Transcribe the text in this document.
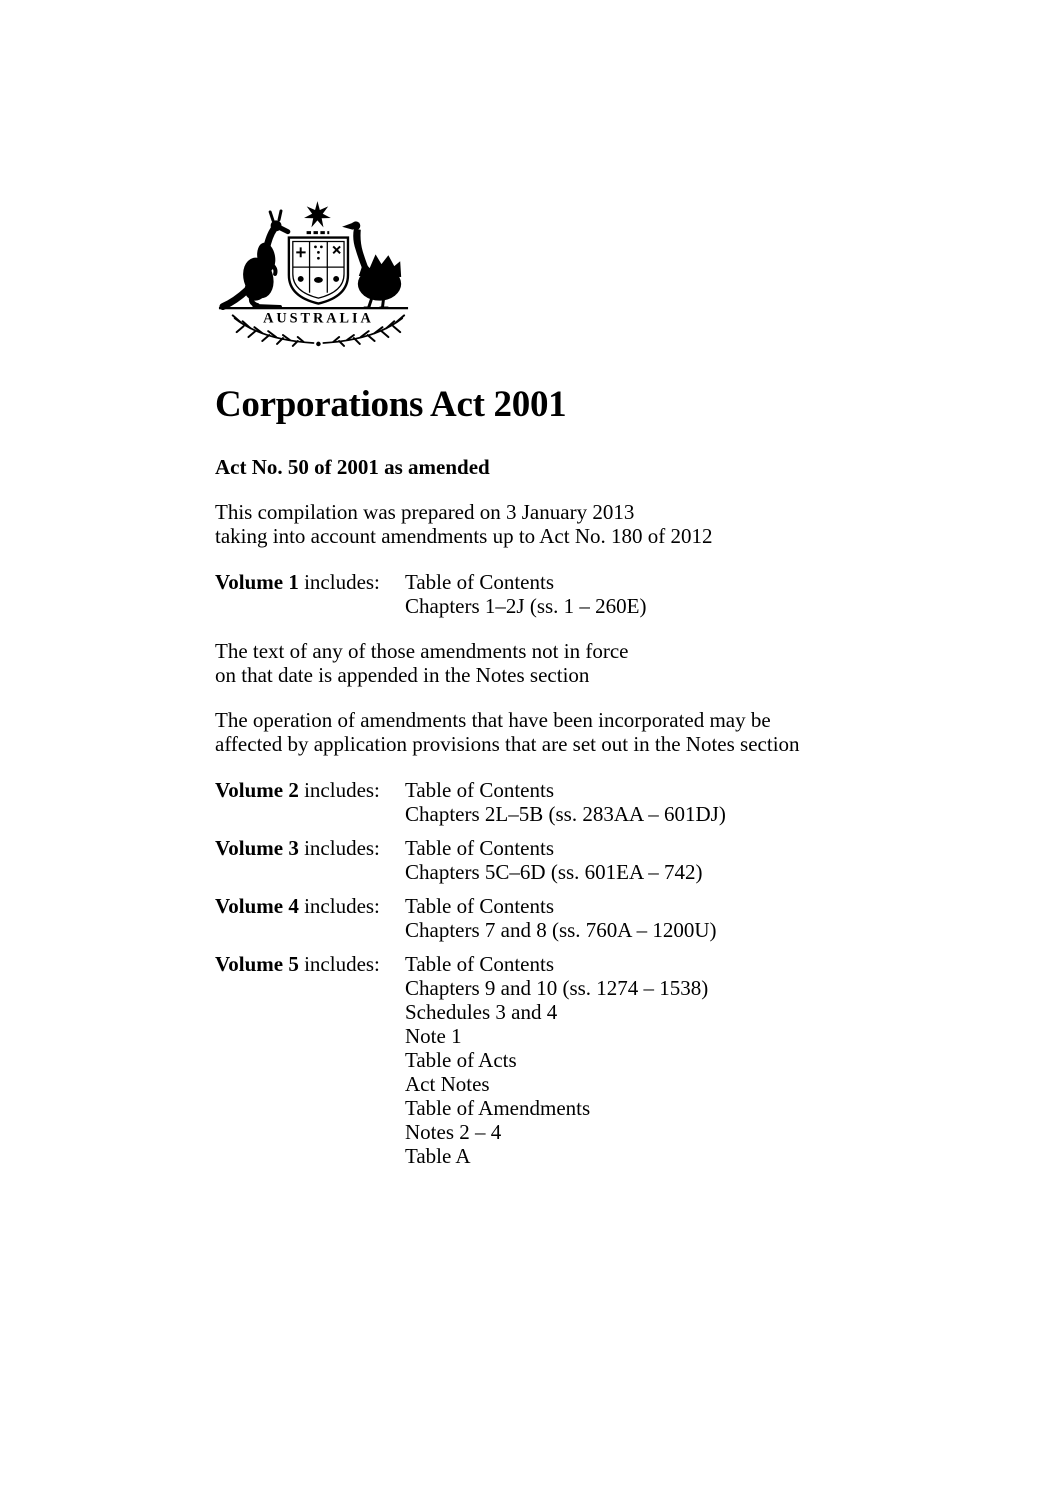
AUSTRALIA
Corporations Act 2001

Act No. 50 of 2001 as amended

This compilation was prepared on 3 January 2013
taking into account amendments up to Act No. 180 of 2012

Volume 1 includes:	Table of Contents
Chapters 1–2J (ss. 1 – 260E)

The text of any of those amendments not in force
on that date is appended in the Notes section

The operation of amendments that have been incorporated may be
affected by application provisions that are set out in the Notes section

Volume 2 includes:	Table of Contents
Chapters 2L–5B (ss. 283AA – 601DJ)
Volume 3 includes:	Table of Contents
Chapters 5C–6D (ss. 601EA – 742)
Volume 4 includes:	Table of Contents
Chapters 7 and 8 (ss. 760A – 1200U)
Volume 5 includes:	Table of Contents
Chapters 9 and 10 (ss. 1274 – 1538)
Schedules 3 and 4
Note 1
Table of Acts
Act Notes
Table of Amendments
Notes 2 – 4
Table A
